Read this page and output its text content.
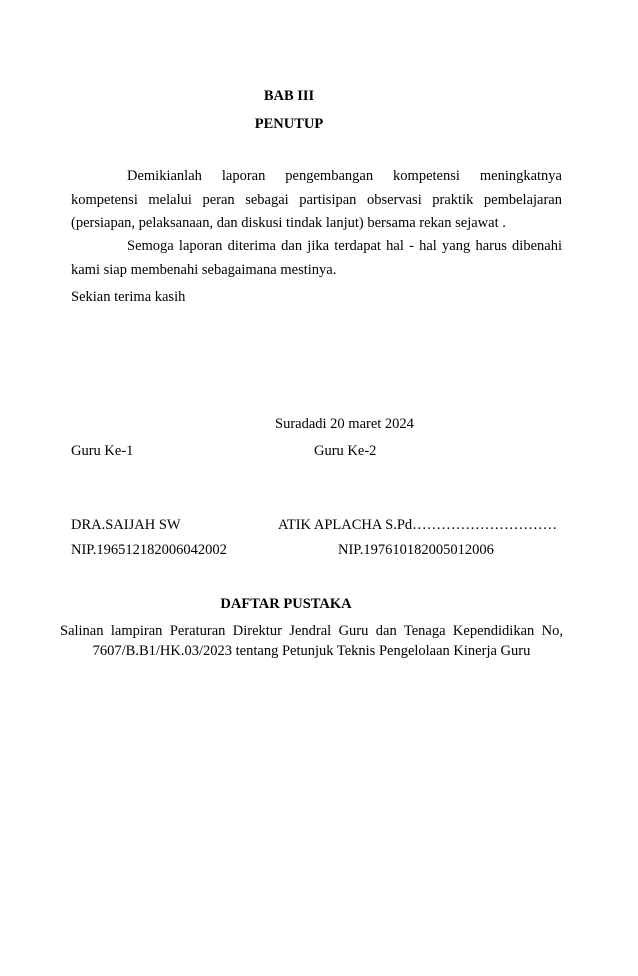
BAB III
PENUTUP
Demikianlah laporan pengembangan kompetensi meningkatnya kompetensi melalui peran sebagai partisipan observasi praktik pembelajaran (persiapan, pelaksanaan, dan diskusi tindak lanjut) bersama rekan sejawat .
Semoga laporan diterima dan jika terdapat hal - hal yang harus dibenahi kami siap membenahi sebagaimana mestinya.
Sekian terima kasih
Suradadi 20 maret 2024
Guru Ke-1	Guru Ke-2
DRA.SAIJAH SW	ATIK APLACHA S.Pd…………………………
NIP.196512182006042002	NIP.197610182005012006
DAFTAR PUSTAKA
Salinan lampiran Peraturan Direktur Jendral Guru dan Tenaga Kependidikan No,
7607/B.B1/HK.03/2023 tentang Petunjuk Teknis Pengelolaan Kinerja Guru
